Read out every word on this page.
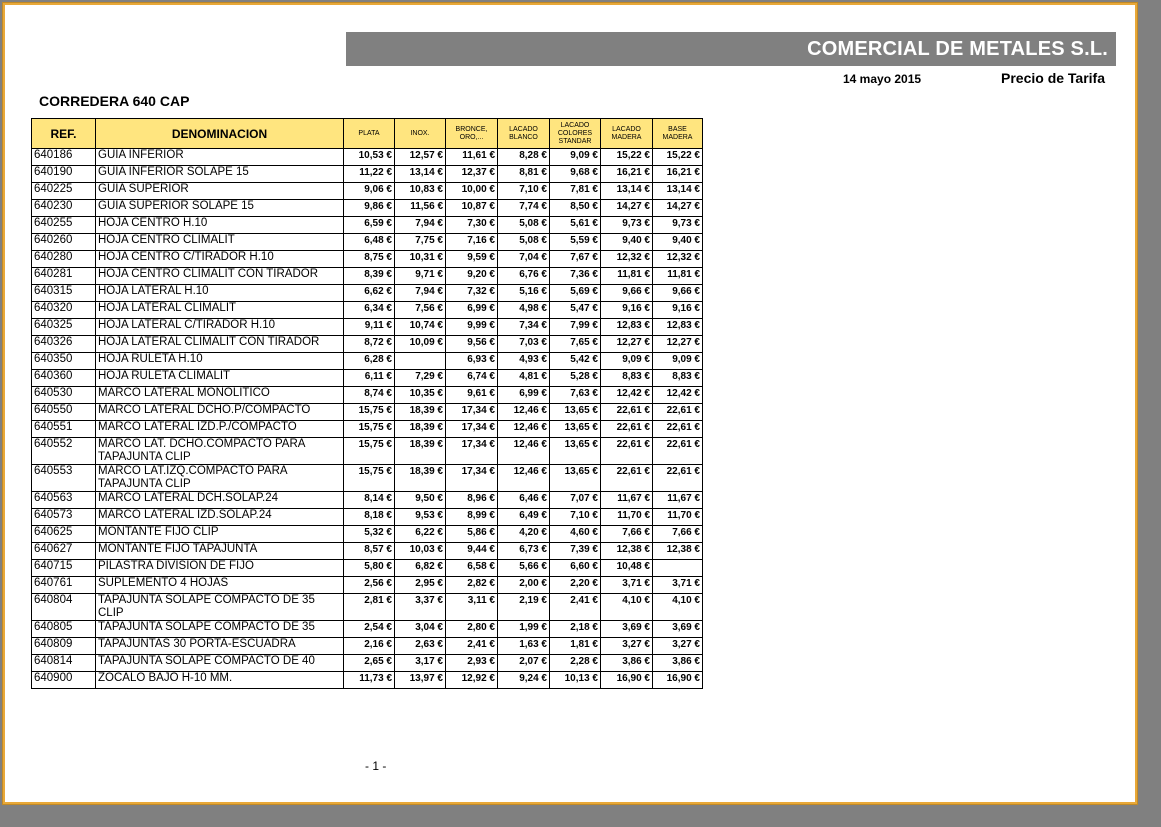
COMERCIAL DE METALES S.L.
14 mayo 2015	Precio de Tarifa
CORREDERA 640 CAP
REF.	DENOMINACION	PLATA	INOX.	BRONCE, ORO,...	LACADO BLANCO	LACADO COLORES STANDAR	LACADO MADERA	BASE MADERA
640186	GUIA INFERIOR	10,53 €	12,57 €	11,61 €	8,28 €	9,09 €	15,22 €	15,22 €
640190	GUIA INFERIOR SOLAPE 15	11,22 €	13,14 €	12,37 €	8,81 €	9,68 €	16,21 €	16,21 €
640225	GUIA SUPERIOR	9,06 €	10,83 €	10,00 €	7,10 €	7,81 €	13,14 €	13,14 €
640230	GUIA SUPERIOR SOLAPE 15	9,86 €	11,56 €	10,87 €	7,74 €	8,50 €	14,27 €	14,27 €
640255	HOJA CENTRO H.10	6,59 €	7,94 €	7,30 €	5,08 €	5,61 €	9,73 €	9,73 €
640260	HOJA CENTRO CLIMALIT	6,48 €	7,75 €	7,16 €	5,08 €	5,59 €	9,40 €	9,40 €
640280	HOJA CENTRO C/TIRADOR H.10	8,75 €	10,31 €	9,59 €	7,04 €	7,67 €	12,32 €	12,32 €
640281	HOJA CENTRO CLIMALIT CON TIRADOR	8,39 €	9,71 €	9,20 €	6,76 €	7,36 €	11,81 €	11,81 €
640315	HOJA LATERAL H.10	6,62 €	7,94 €	7,32 €	5,16 €	5,69 €	9,66 €	9,66 €
640320	HOJA LATERAL CLIMALIT	6,34 €	7,56 €	6,99 €	4,98 €	5,47 €	9,16 €	9,16 €
640325	HOJA LATERAL C/TIRADOR H.10	9,11 €	10,74 €	9,99 €	7,34 €	7,99 €	12,83 €	12,83 €
640326	HOJA LATERAL CLIMALIT CON TIRADOR	8,72 €	10,09 €	9,56 €	7,03 €	7,65 €	12,27 €	12,27 €
640350	HOJA RULETA H.10	6,28 €		6,93 €	4,93 €	5,42 €	9,09 €	9,09 €
640360	HOJA RULETA CLIMALIT	6,11 €	7,29 €	6,74 €	4,81 €	5,28 €	8,83 €	8,83 €
640530	MARCO LATERAL MONOLITICO	8,74 €	10,35 €	9,61 €	6,99 €	7,63 €	12,42 €	12,42 €
640550	MARCO LATERAL DCHO.P/COMPACTO	15,75 €	18,39 €	17,34 €	12,46 €	13,65 €	22,61 €	22,61 €
640551	MARCO LATERAL IZD.P./COMPACTO	15,75 €	18,39 €	17,34 €	12,46 €	13,65 €	22,61 €	22,61 €
640552	MARCO LAT. DCHO.COMPACTO PARA TAPAJUNTA CLIP	15,75 €	18,39 €	17,34 €	12,46 €	13,65 €	22,61 €	22,61 €
640553	MARCO LAT.IZQ.COMPACTO PARA TAPAJUNTA CLIP	15,75 €	18,39 €	17,34 €	12,46 €	13,65 €	22,61 €	22,61 €
640563	MARCO LATERAL DCH.SOLAP.24	8,14 €	9,50 €	8,96 €	6,46 €	7,07 €	11,67 €	11,67 €
640573	MARCO LATERAL IZD.SOLAP.24	8,18 €	9,53 €	8,99 €	6,49 €	7,10 €	11,70 €	11,70 €
640625	MONTANTE FIJO CLIP	5,32 €	6,22 €	5,86 €	4,20 €	4,60 €	7,66 €	7,66 €
640627	MONTANTE FIJO TAPAJUNTA	8,57 €	10,03 €	9,44 €	6,73 €	7,39 €	12,38 €	12,38 €
640715	PILASTRA DIVISION DE FIJO	5,80 €	6,82 €	6,58 €	5,66 €	6,60 €	10,48 €	
640761	SUPLEMENTO 4 HOJAS	2,56 €	2,95 €	2,82 €	2,00 €	2,20 €	3,71 €	3,71 €
640804	TAPAJUNTA SOLAPE COMPACTO DE 35 CLIP	2,81 €	3,37 €	3,11 €	2,19 €	2,41 €	4,10 €	4,10 €
640805	TAPAJUNTA SOLAPE COMPACTO DE 35	2,54 €	3,04 €	2,80 €	1,99 €	2,18 €	3,69 €	3,69 €
640809	TAPAJUNTAS 30 PORTA-ESCUADRA	2,16 €	2,63 €	2,41 €	1,63 €	1,81 €	3,27 €	3,27 €
640814	TAPAJUNTA SOLAPE COMPACTO DE 40	2,65 €	3,17 €	2,93 €	2,07 €	2,28 €	3,86 €	3,86 €
640900	ZOCALO BAJO H-10 MM.	11,73 €	13,97 €	12,92 €	9,24 €	10,13 €	16,90 €	16,90 €
- 1 -
